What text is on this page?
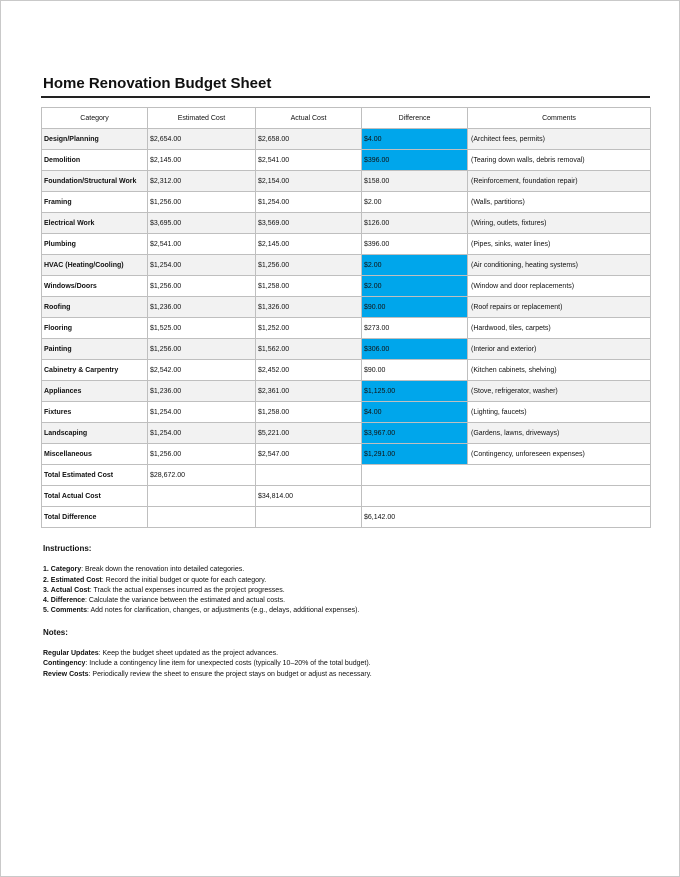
Home Renovation Budget Sheet
Category	Estimated Cost	Actual Cost	Difference	Comments
Design/Planning	$2,654.00	$2,658.00	$4.00	(Architect fees, permits)
Demolition	$2,145.00	$2,541.00	$396.00	(Tearing down walls, debris removal)
Foundation/Structural Work	$2,312.00	$2,154.00	$158.00	(Reinforcement, foundation repair)
Framing	$1,256.00	$1,254.00	$2.00	(Walls, partitions)
Electrical Work	$3,695.00	$3,569.00	$126.00	(Wiring, outlets, fixtures)
Plumbing	$2,541.00	$2,145.00	$396.00	(Pipes, sinks, water lines)
HVAC (Heating/Cooling)	$1,254.00	$1,256.00	$2.00	(Air conditioning, heating systems)
Windows/Doors	$1,256.00	$1,258.00	$2.00	(Window and door replacements)
Roofing	$1,236.00	$1,326.00	$90.00	(Roof repairs or replacement)
Flooring	$1,525.00	$1,252.00	$273.00	(Hardwood, tiles, carpets)
Painting	$1,256.00	$1,562.00	$306.00	(Interior and exterior)
Cabinetry & Carpentry	$2,542.00	$2,452.00	$90.00	(Kitchen cabinets, shelving)
Appliances	$1,236.00	$2,361.00	$1,125.00	(Stove, refrigerator, washer)
Fixtures	$1,254.00	$1,258.00	$4.00	(Lighting, faucets)
Landscaping	$1,254.00	$5,221.00	$3,967.00	(Gardens, lawns, driveways)
Miscellaneous	$1,256.00	$2,547.00	$1,291.00	(Contingency, unforeseen expenses)
Total Estimated Cost	$28,672.00			
Total Actual Cost		$34,814.00		
Total Difference			$6,142.00	
Instructions:
1. Category: Break down the renovation into detailed categories.
2. Estimated Cost: Record the initial budget or quote for each category.
3. Actual Cost: Track the actual expenses incurred as the project progresses.
4. Difference: Calculate the variance between the estimated and actual costs.
5. Comments: Add notes for clarification, changes, or adjustments (e.g., delays, additional expenses).
Notes:
Regular Updates: Keep the budget sheet updated as the project advances.
Contingency: Include a contingency line item for unexpected costs (typically 10–20% of the total budget).
Review Costs: Periodically review the sheet to ensure the project stays on budget or adjust as necessary.
